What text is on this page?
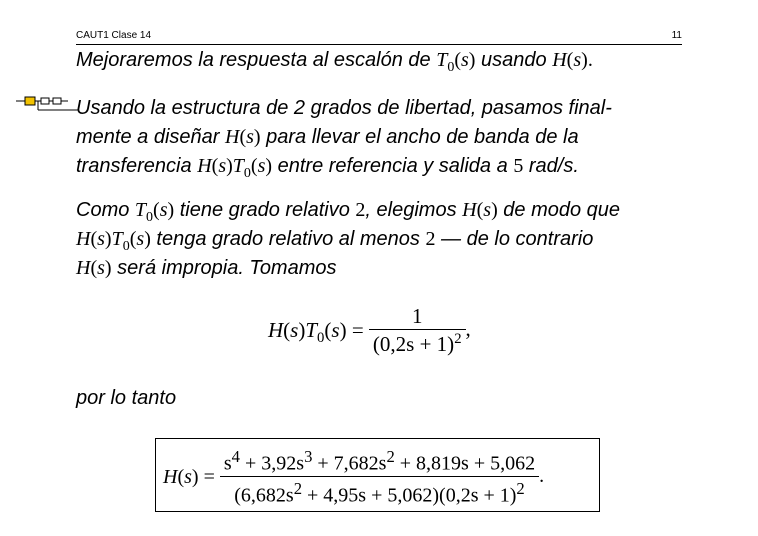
CAUT1 Clase 14	11
Mejoraremos la respuesta al escalón de $T_0(s)$ usando H(s).
Usando la estructura de 2 grados de libertad, pasamos final-
mente a diseñar H(s) para llevar el ancho de banda de la
transferencia $H(s)T_0(s)$ entre referencia y salida a 5 rad/s.
Como $T_0(s)$ tiene grado relativo 2, elegimos H(s) de modo que
$H(s)T_0(s)$ tenga grado relativo al menos 2 — de lo contrario
H(s) será impropia. Tomamos
$H(s)T_0(s) = \frac{1}{(0,2s + 1)^2}$ ,
por lo tanto
$H(s) = \frac{s^4 + 3,92s^3 + 7,682s^2 + 8,819s + 5,062}{(6,682s^2 + 4,95s + 5,062)(0,2s + 1)^2}$ .
